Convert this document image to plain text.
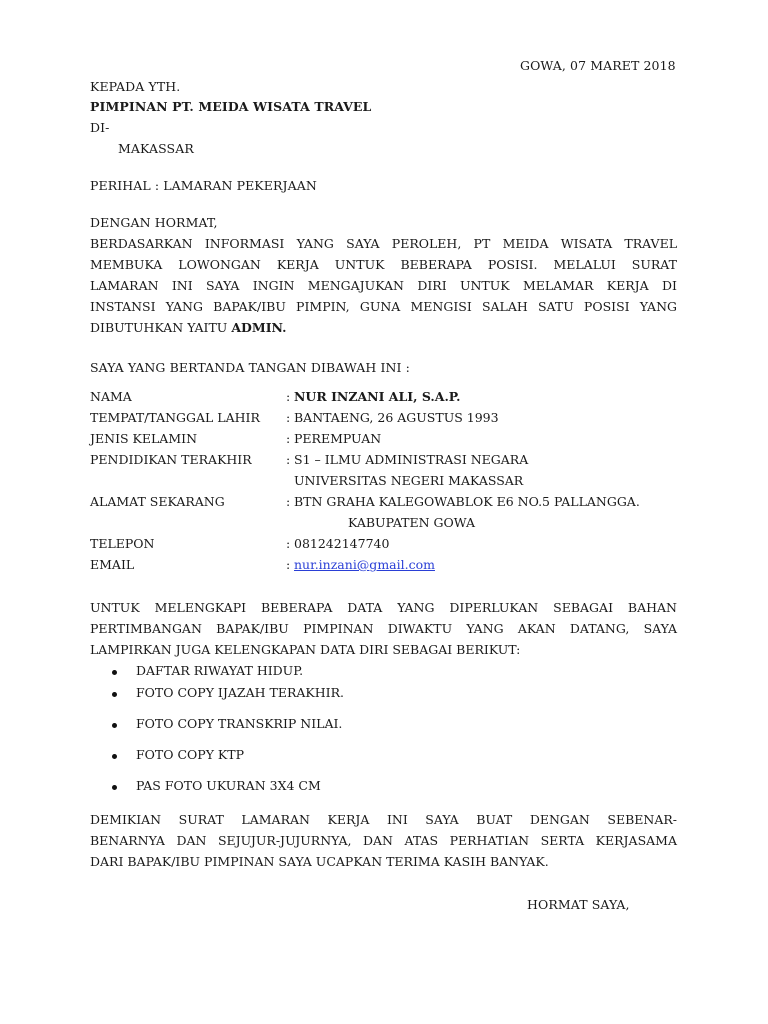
GOWA, 07 MARET 2018
KEPADA YTH.
PIMPINAN PT. MEIDA WISATA TRAVEL
DI-
MAKASSAR
PERIHAL : LAMARAN PEKERJAAN
DENGAN HORMAT,
BERDASARKAN INFORMASI YANG SAYA PEROLEH, PT MEIDA WISATA TRAVEL
MEMBUKA LOWONGAN KERJA UNTUK BEBERAPA POSISI. MELALUI SURAT
LAMARAN INI SAYA INGIN MENGAJUKAN DIRI UNTUK MELAMAR KERJA DI
INSTANSI YANG BAPAK/IBU PIMPIN, GUNA MENGISI SALAH SATU POSISI YANG
DIBUTUHKAN YAITU ADMIN.
SAYA YANG BERTANDA TANGAN DIBAWAH INI :
NAMA	: NUR INZANI ALI, S.A.P.
TEMPAT/TANGGAL LAHIR : BANTAENG, 26 AGUSTUS 1993
JENIS KELAMIN	: PEREMPUAN
PENDIDIKAN TERAKHIR	: S1 – ILMU ADMINISTRASI NEGARA
UNIVERSITAS NEGERI MAKASSAR
ALAMAT SEKARANG	: BTN GRAHA KALEGOWABLOK E6 NO.5 PALLANGGA.
KABUPATEN GOWA
TELEPON	: 081242147740
EMAIL	: nur.inzani@gmail.com
UNTUK MELENGKAPI BEBERAPA DATA YANG DIPERLUKAN SEBAGAI BAHAN
PERTIMBANGAN BAPAK/IBU PIMPINAN DIWAKTU YANG AKAN DATANG, SAYA
LAMPIRKAN JUGA KELENGKAPAN DATA DIRI SEBAGAI BERIKUT:
DAFTAR RIWAYAT HIDUP.
FOTO COPY IJAZAH TERAKHIR.
FOTO COPY TRANSKRIP NILAI.
FOTO COPY KTP
PAS FOTO UKURAN 3X4 CM
DEMIKIAN SURAT LAMARAN KERJA INI SAYA BUAT DENGAN SEBENAR-
BENARNYA DAN SEJUJUR-JUJURNYA, DAN ATAS PERHATIAN SERTA KERJASAMA
DARI BAPAK/IBU PIMPINAN SAYA UCAPKAN TERIMA KASIH BANYAK.
HORMAT SAYA,
